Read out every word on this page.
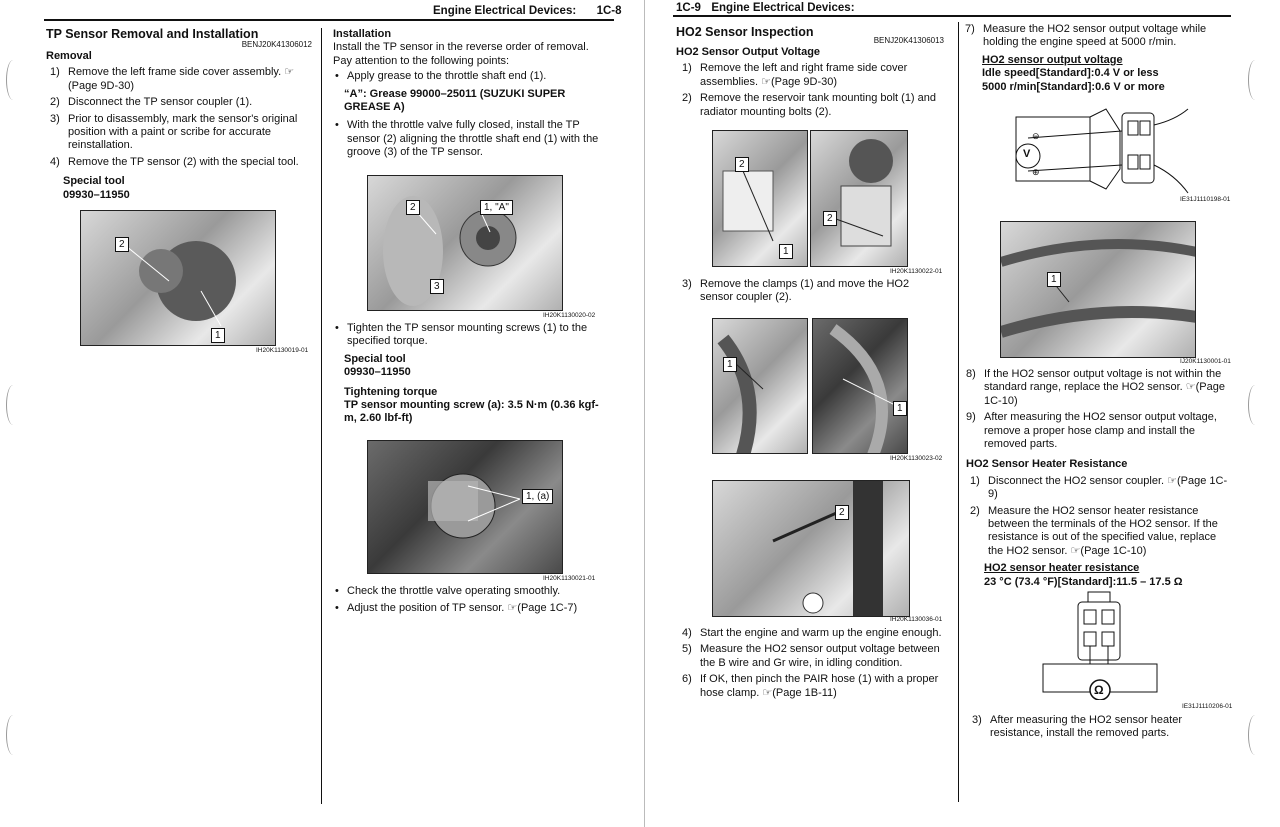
Engine Electrical Devices: 1C-8
TP Sensor Removal and Installation
BENJ20K41306012
Removal
1) Remove the left frame side cover assembly. ☞(Page 9D-30)
2) Disconnect the TP sensor coupler (1).
3) Prior to disassembly, mark the sensor's original position with a paint or scribe for accurate reinstallation.
4) Remove the TP sensor (2) with the special tool.
Special tool
09930–11950
2
1
IH20K1130019-01
Installation
Install the TP sensor in the reverse order of removal. Pay attention to the following points:
• Apply grease to the throttle shaft end (1).
“A”: Grease 99000–25011 (SUZUKI SUPER GREASE A)
• With the throttle valve fully closed, install the TP sensor (2) aligning the throttle shaft end (1) with the groove (3) of the TP sensor.
2	1, "A"
3
IH20K1130020-02
• Tighten the TP sensor mounting screws (1) to the specified torque.
Special tool
09930–11950
Tightening torque
TP sensor mounting screw (a): 3.5 N·m (0.36 kgf-m, 2.60 lbf-ft)
1, (a)
IH20K1130021-01
• Check the throttle valve operating smoothly.
• Adjust the position of TP sensor. ☞(Page 1C-7)
1C-9 Engine Electrical Devices:
HO2 Sensor Inspection
BENJ20K41306013
HO2 Sensor Output Voltage
1) Remove the left and right frame side cover assemblies. ☞(Page 9D-30)
2) Remove the reservoir tank mounting bolt (1) and radiator mounting bolts (2).
2
1
2
IH20K1130022-01
3) Remove the clamps (1) and move the HO2 sensor coupler (2).
1
1
IH20K1130023-02
2
IH20K1130036-01
4) Start the engine and warm up the engine enough.
5) Measure the HO2 sensor output voltage between the B wire and Gr wire, in idling condition.
6) If OK, then pinch the PAIR hose (1) with a proper hose clamp. ☞(Page 1B-11)
7) Measure the HO2 sensor output voltage while holding the engine speed at 5000 r/min.
HO2 sensor output voltage
Idle speed[Standard]:0.4 V or less
5000 r/min[Standard]:0.6 V or more
V
⊖
⊕
IE31J1110198-01
1
IJ20K1130001-01
8) If the HO2 sensor output voltage is not within the standard range, replace the HO2 sensor. ☞(Page 1C-10)
9) After measuring the HO2 sensor output voltage, remove a proper hose clamp and install the removed parts.
HO2 Sensor Heater Resistance
1) Disconnect the HO2 sensor coupler. ☞(Page 1C-9)
2) Measure the HO2 sensor heater resistance between the terminals of the HO2 sensor. If the resistance is out of the specified value, replace the HO2 sensor. ☞(Page 1C-10)
HO2 sensor heater resistance
23 °C (73.4 °F)[Standard]:11.5 – 17.5 Ω
Ω
IE31J1110206-01
3) After measuring the HO2 sensor heater resistance, install the removed parts.
